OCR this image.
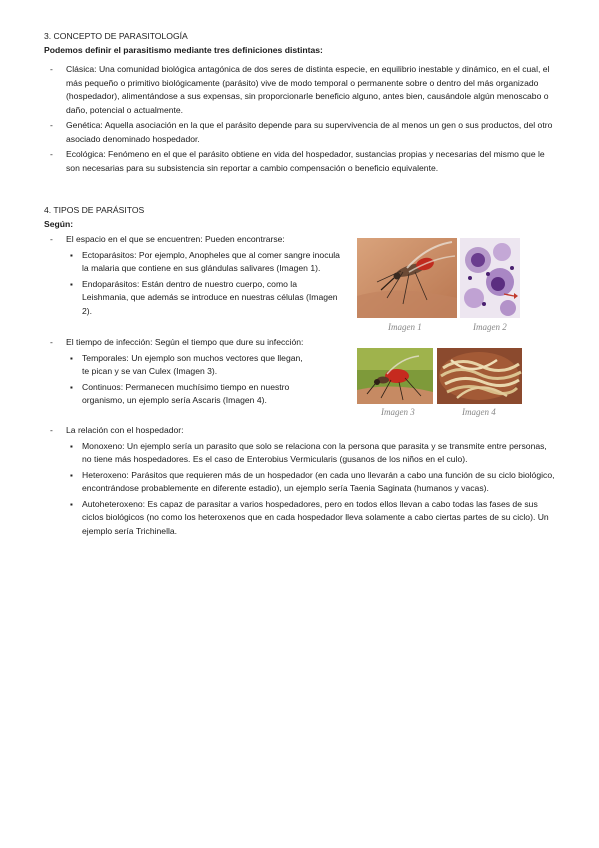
3. CONCEPTO DE PARASITOLOGÍA

Podemos definir el parasitismo mediante tres definiciones distintas:

- Clásica: Una comunidad biológica antagónica de dos seres de distinta especie, en equilibrio inestable y dinámico, en el cual, el más pequeño o primitivo biológicamente (parásito) vive de modo temporal o permanente sobre o dentro del más organizado (hospedador), alimentándose a sus expensas, sin proporcionarle beneficio alguno, antes bien, causándole algún menoscabo o daño, potencial o actualmente.
- Genética: Aquella asociación en la que el parásito depende para su supervivencia de al menos un gen o sus productos, del otro asociado denominado hospedador.
- Ecológica: Fenómeno en el que el parásito obtiene en vida del hospedador, sustancias propias y necesarias del mismo que le son necesarias para su subsistencia sin reportar a cambio compensación o beneficio equivalente.

4. TIPOS DE PARÁSITOS

Según:

- El espacio en el que se encuentren: Pueden encontrarse:
▪ Ectoparásitos: Por ejemplo, Anopheles que al comer sangre inocula la malaria que contiene en sus glándulas salivares (Imagen 1).
▪ Endoparásitos: Están dentro de nuestro cuerpo, como la Leishmania, que además se introduce en nuestras células (Imagen 2).
- El tiempo de infección: Según el tiempo que dure su infección:
▪ Temporales: Un ejemplo son muchos vectores que llegan, te pican y se van Culex (Imagen 3).
▪ Continuos: Permanecen muchísimo tiempo en nuestro organismo, un ejemplo sería Ascaris (Imagen 4).
- La relación con el hospedador:
▪ Monoxeno: Un ejemplo sería un parasito que solo se relaciona con la persona que parasita y se transmite entre personas, no tiene más hospedadores. Es el caso de Enterobius Vermicularis (gusanos de los niños en el culo).
▪ Heteroxeno: Parásitos que requieren más de un hospedador (en cada uno llevarán a cabo una función de su ciclo biológico, encontrándose probablemente en diferente estadio), un ejemplo sería Taenia Saginata (humanos y vacas).
▪ Autoheteroxeno: Es capaz de parasitar a varios hospedadores, pero en todos ellos llevan a cabo todas las fases de sus ciclos biológicos (no como los heteroxenos que en cada hospedador lleva solamente a cabo ciertas partes de su ciclo). Un ejemplo sería Trichinella.
Imagen 1	Imagen 2
Imagen 3	Imagen 4
